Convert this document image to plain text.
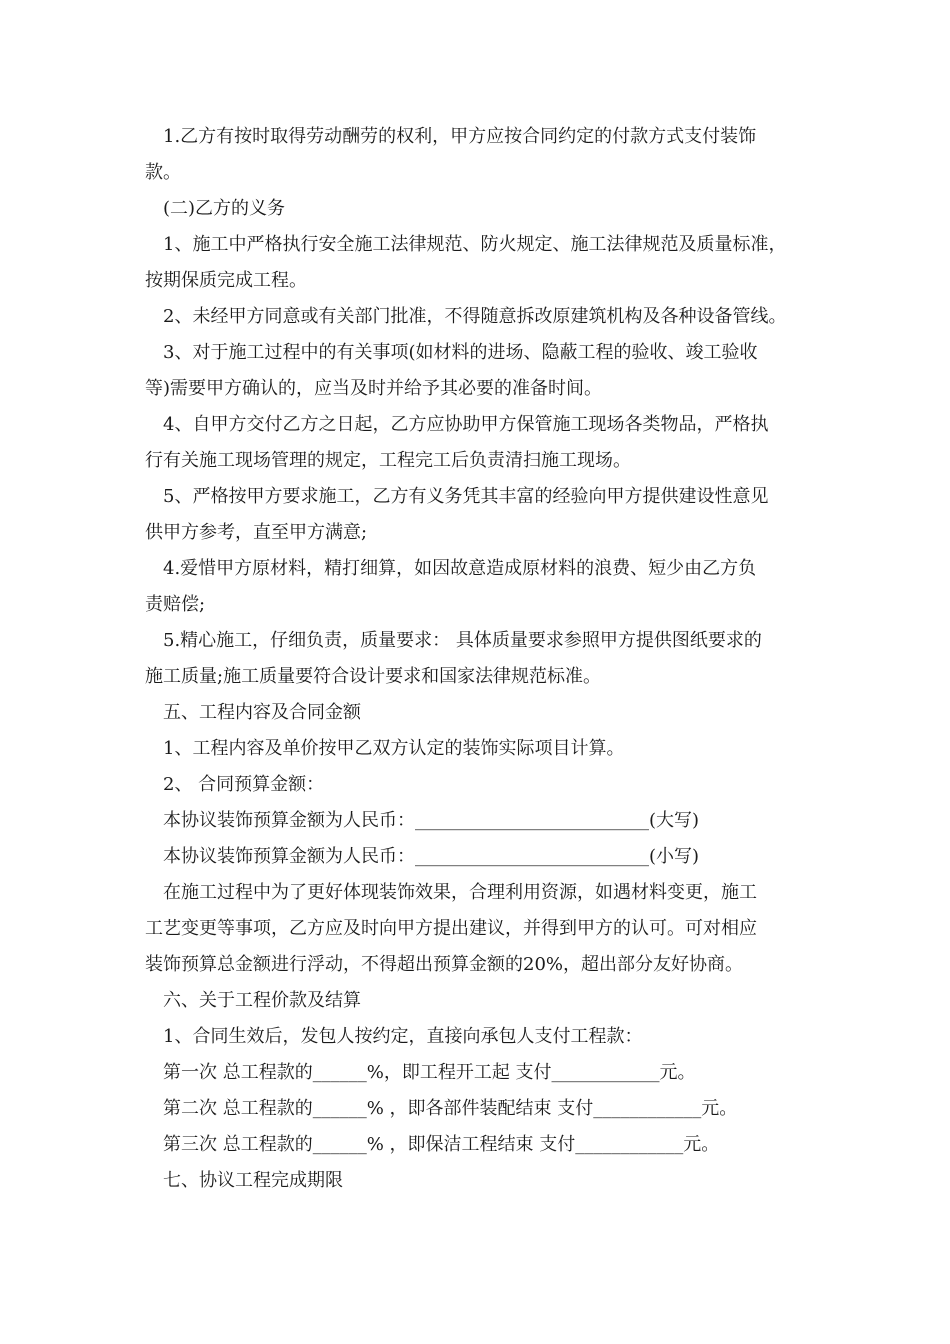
1.乙方有按时取得劳动酬劳的权利，甲方应按合同约定的付款方式支付装饰
款。
(二)乙方的义务
1、施工中严格执行安全施工法律规范、防火规定、施工法律规范及质量标准，
按期保质完成工程。
2、未经甲方同意或有关部门批准，不得随意拆改原建筑机构及各种设备管线。
3、对于施工过程中的有关事项(如材料的进场、隐蔽工程的验收、竣工验收
等)需要甲方确认的，应当及时并给予其必要的准备时间。
4、自甲方交付乙方之日起，乙方应协助甲方保管施工现场各类物品，严格执
行有关施工现场管理的规定，工程完工后负责清扫施工现场。
5、严格按甲方要求施工，乙方有义务凭其丰富的经验向甲方提供建设性意见
供甲方参考，直至甲方满意;
4.爱惜甲方原材料，精打细算，如因故意造成原材料的浪费、短少由乙方负
责赔偿;
5.精心施工，仔细负责，质量要求： 具体质量要求参照甲方提供图纸要求的
施工质量;施工质量要符合设计要求和国家法律规范标准。
五、工程内容及合同金额
1、工程内容及单价按甲乙双方认定的装饰实际项目计算。
2、 合同预算金额：
本协议装饰预算金额为人民币：__________________________(大写)
本协议装饰预算金额为人民币：__________________________(小写)
在施工过程中为了更好体现装饰效果，合理利用资源，如遇材料变更，施工
工艺变更等事项，乙方应及时向甲方提出建议，并得到甲方的认可。可对相应
装饰预算总金额进行浮动，不得超出预算金额的20%，超出部分友好协商。
六、关于工程价款及结算
1、合同生效后，发包人按约定，直接向承包人支付工程款：
第一次 总工程款的______%，即工程开工起 支付____________元。
第二次 总工程款的______% ，即各部件装配结束 支付____________元。
第三次 总工程款的______% ，即保洁工程结束 支付____________元。
七、协议工程完成期限
